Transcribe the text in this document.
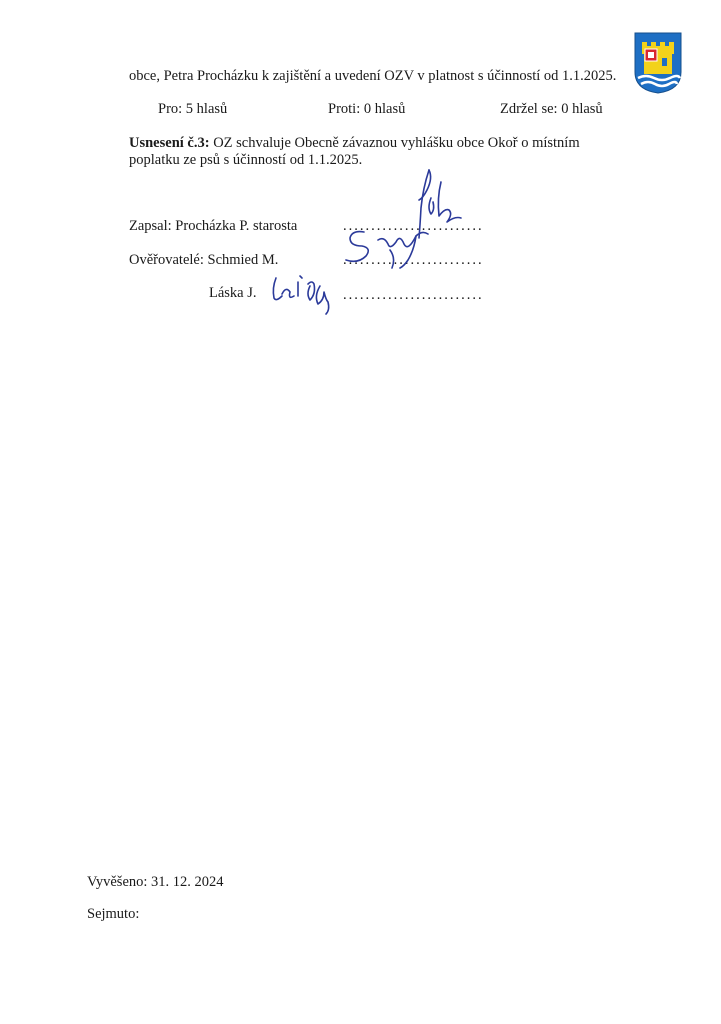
obce, Petra Procházku k zajištění a uvedení OZV v platnost s účinností od 1.1.2025.
Pro: 5 hlasů	Proti: 0 hlasů	Zdržel se: 0 hlasů
Usnesení č.3: OZ schvaluje Obecně závaznou vyhlášku obce Okoř o místním
poplatku ze psů s účinností od 1.1.2025.
Zapsal: Procházka P. starosta	.........................
Ověřovatelé: Schmied M.	.........................
Láska J.	.........................
Vyvěšeno: 31. 12. 2024
Sejmuto:
